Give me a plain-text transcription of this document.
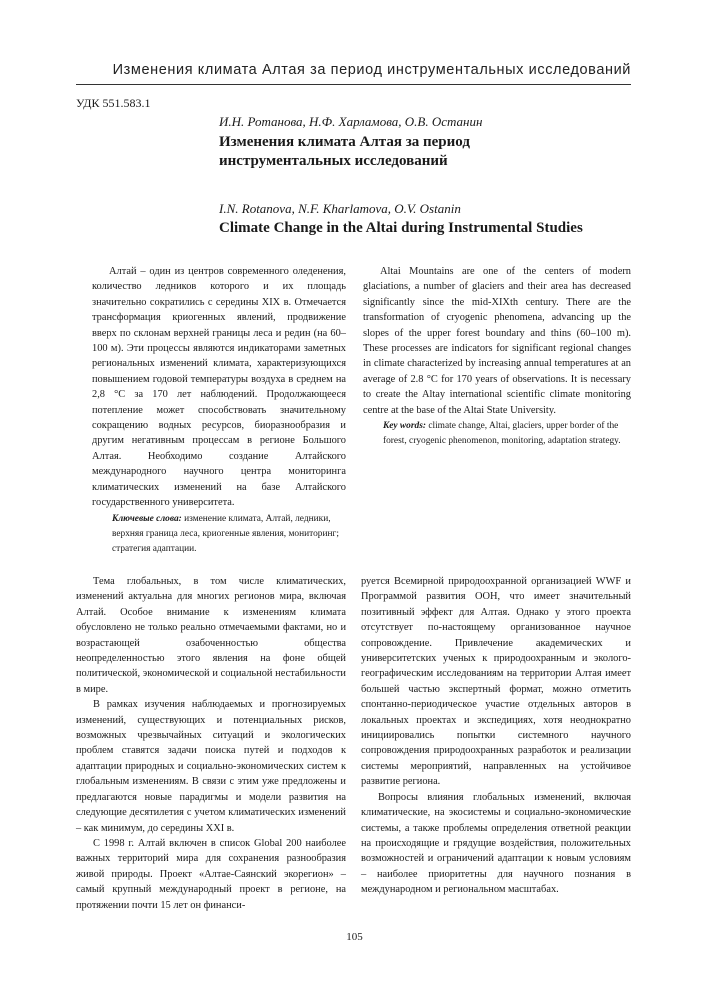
Изменения климата Алтая за период инструментальных исследований
УДК 551.583.1

И.Н. Ротанова, Н.Ф. Харламова, О.В. Останин

Изменения климата Алтая за период
инструментальных исследований

I.N. Rotanova, N.F. Kharlamova, O.V. Ostanin

Climate Change in the Altai during Instrumental Studies

Алтай – один из центров современного оледенения, количество ледников которого и их площадь значительно сократились с середины XIX в. Отмечается трансформация криогенных явлений, продвижение вверх по склонам верхней границы леса и редин (на 60–100 м). Эти процессы являются индикаторами заметных региональных изменений климата, характеризующихся повышением годовой температуры воздуха в среднем на 2,8 °С за 170 лет наблюдений. Продолжающееся потепление может способствовать значительному сокращению водных ресурсов, биоразнообразия и другим негативным процессам в регионе Большого Алтая. Необходимо создание Алтайского международного научного центра мониторинга климатических изменений на базе Алтайского государственного университета.

Ключевые слова: изменение климата, Алтай, ледники, верхняя граница леса, криогенные явления, мониторинг; стратегия адаптации.

Altai Mountains are one of the centers of modern glaciations, a number of glaciers and their area has decreased significantly since the mid-XIXth century. There are the transformation of cryogenic phenomena, advancing up the slopes of the upper forest boundary and thins (60–100 m). These processes are indicators for significant regional changes in climate characterized by increasing annual temperatures at an average of 2.8 °C for 170 years of observations. It is necessary to create the Altay international scientific climate monitoring centre at the base of the Altai State University.

Key words: climate change, Altai, glaciers, upper border of the forest, cryogenic phenomenon, monitoring, adaptation strategy.

Тема глобальных, в том числе климатических, изменений актуальна для многих регионов мира, включая Алтай. Особое внимание к изменениям климата обусловлено не только реально отмечаемыми фактами, но и возрастающей озабоченностью общества неопределенностью этого явления на фоне общей политической, экономической и социальной нестабильности в мире.

В рамках изучения наблюдаемых и прогнозируемых изменений, существующих и потенциальных рисков, возможных чрезвычайных ситуаций и экологических проблем ставятся задачи поиска путей и подходов к адаптации природных и социально-экономических систем к глобальным изменениям. В связи с этим уже предложены и предлагаются новые парадигмы и модели развития на следующие десятилетия с учетом климатических изменений – как минимум, до середины XXI в.

С 1998 г. Алтай включен в список Global 200 наиболее важных территорий мира для сохранения разнообразия живой природы. Проект «Алтае-Саянский экорегион» – самый крупный международный проект в регионе, на протяжении почти 15 лет он финанси-

руется Всемирной природоохранной организацией WWF и Программой развития ООН, что имеет значительный позитивный эффект для Алтая. Однако у этого проекта отсутствует по-настоящему организованное научное сопровождение. Привлечение академических и университетских ученых к природоохранным и эколого-географическим исследованиям на территории Алтая имеет большей частью экспертный формат, можно отметить спонтанно-периодическое участие отдельных авторов в локальных проектах и экспедициях, хотя неоднократно инициировались попытки системного научного сопровождения природоохранных разработок и реализации системы мероприятий, направленных на устойчивое развитие региона.

Вопросы влияния глобальных изменений, включая климатические, на экосистемы и социально-экономические системы, а также проблемы определения ответной реакции на происходящие и грядущие воздействия, положительных возможностей и ограничений адаптации к новым условиям – наиболее приоритетны для научного познания в международном и региональном масштабах.

105
